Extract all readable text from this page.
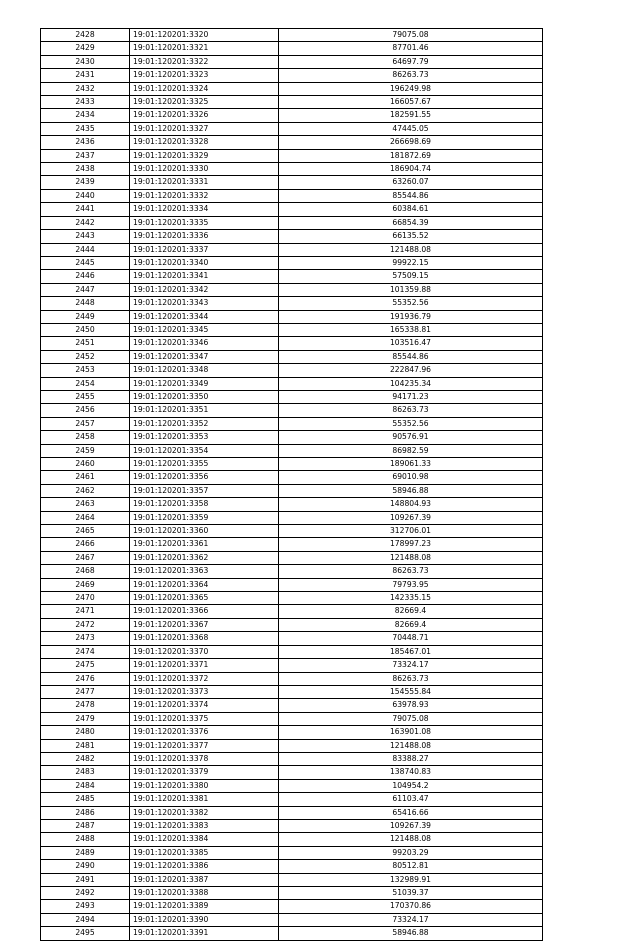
2428	19:01:120201:3320	79075.08
2429	19:01:120201:3321	87701.46
2430	19:01:120201:3322	64697.79
2431	19:01:120201:3323	86263.73
2432	19:01:120201:3324	196249.98
2433	19:01:120201:3325	166057.67
2434	19:01:120201:3326	182591.55
2435	19:01:120201:3327	47445.05
2436	19:01:120201:3328	266698.69
2437	19:01:120201:3329	181872.69
2438	19:01:120201:3330	186904.74
2439	19:01:120201:3331	63260.07
2440	19:01:120201:3332	85544.86
2441	19:01:120201:3334	60384.61
2442	19:01:120201:3335	66854.39
2443	19:01:120201:3336	66135.52
2444	19:01:120201:3337	121488.08
2445	19:01:120201:3340	99922.15
2446	19:01:120201:3341	57509.15
2447	19:01:120201:3342	101359.88
2448	19:01:120201:3343	55352.56
2449	19:01:120201:3344	191936.79
2450	19:01:120201:3345	165338.81
2451	19:01:120201:3346	103516.47
2452	19:01:120201:3347	85544.86
2453	19:01:120201:3348	222847.96
2454	19:01:120201:3349	104235.34
2455	19:01:120201:3350	94171.23
2456	19:01:120201:3351	86263.73
2457	19:01:120201:3352	55352.56
2458	19:01:120201:3353	90576.91
2459	19:01:120201:3354	86982.59
2460	19:01:120201:3355	189061.33
2461	19:01:120201:3356	69010.98
2462	19:01:120201:3357	58946.88
2463	19:01:120201:3358	148804.93
2464	19:01:120201:3359	109267.39
2465	19:01:120201:3360	312706.01
2466	19:01:120201:3361	178997.23
2467	19:01:120201:3362	121488.08
2468	19:01:120201:3363	86263.73
2469	19:01:120201:3364	79793.95
2470	19:01:120201:3365	142335.15
2471	19:01:120201:3366	82669.4
2472	19:01:120201:3367	82669.4
2473	19:01:120201:3368	70448.71
2474	19:01:120201:3370	185467.01
2475	19:01:120201:3371	73324.17
2476	19:01:120201:3372	86263.73
2477	19:01:120201:3373	154555.84
2478	19:01:120201:3374	63978.93
2479	19:01:120201:3375	79075.08
2480	19:01:120201:3376	163901.08
2481	19:01:120201:3377	121488.08
2482	19:01:120201:3378	83388.27
2483	19:01:120201:3379	138740.83
2484	19:01:120201:3380	104954.2
2485	19:01:120201:3381	61103.47
2486	19:01:120201:3382	65416.66
2487	19:01:120201:3383	109267.39
2488	19:01:120201:3384	121488.08
2489	19:01:120201:3385	99203.29
2490	19:01:120201:3386	80512.81
2491	19:01:120201:3387	132989.91
2492	19:01:120201:3388	51039.37
2493	19:01:120201:3389	170370.86
2494	19:01:120201:3390	73324.17
2495	19:01:120201:3391	58946.88
